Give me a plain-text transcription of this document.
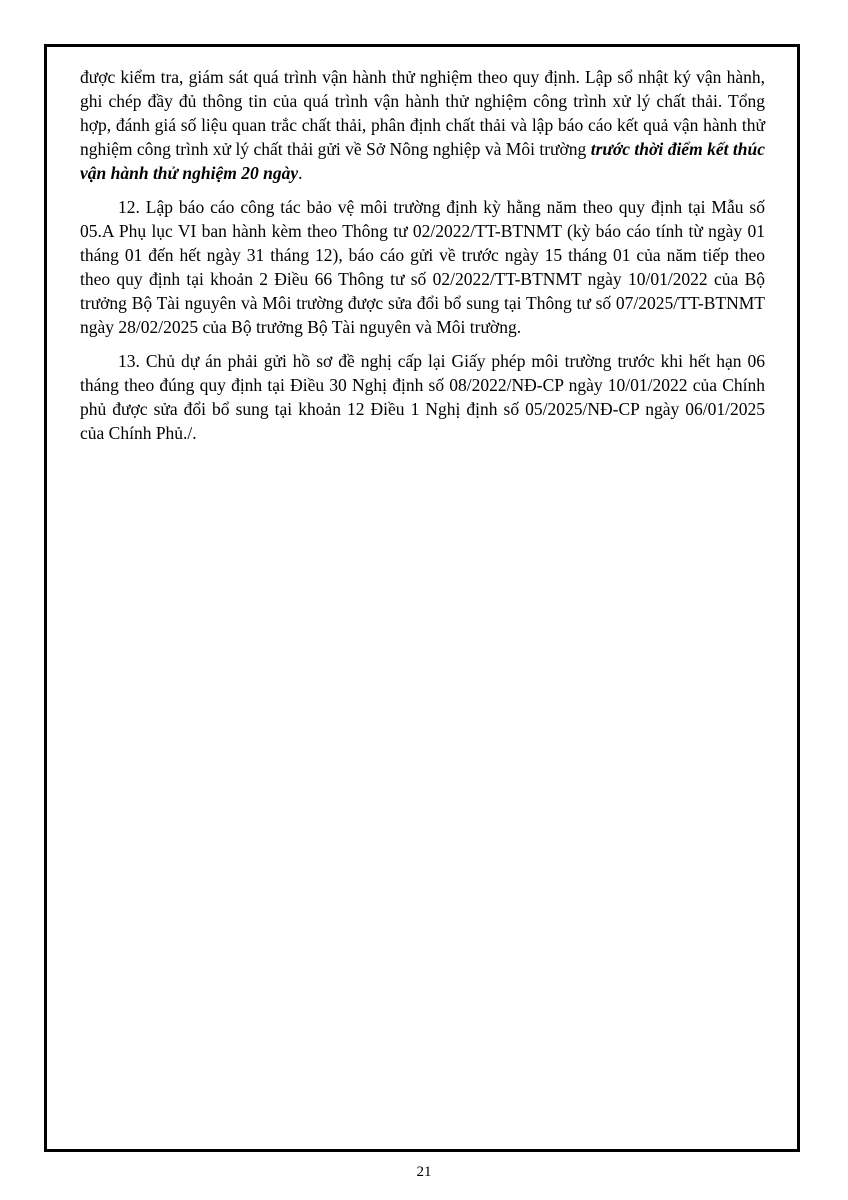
được kiểm tra, giám sát quá trình vận hành thử nghiệm theo quy định. Lập sổ nhật ký vận hành, ghi chép đầy đủ thông tin của quá trình vận hành thử nghiệm công trình xử lý chất thải. Tổng hợp, đánh giá số liệu quan trắc chất thải, phân định chất thải và lập báo cáo kết quả vận hành thử nghiệm công trình xử lý chất thải gửi về Sở Nông nghiệp và Môi trường trước thời điểm kết thúc vận hành thử nghiệm 20 ngày.

12. Lập báo cáo công tác bảo vệ môi trường định kỳ hằng năm theo quy định tại Mẫu số 05.A Phụ lục VI ban hành kèm theo Thông tư 02/2022/TT-BTNMT (kỳ báo cáo tính từ ngày 01 tháng 01 đến hết ngày 31 tháng 12), báo cáo gửi về trước ngày 15 tháng 01 của năm tiếp theo theo quy định tại khoản 2 Điều 66 Thông tư số 02/2022/TT-BTNMT ngày 10/01/2022 của Bộ trưởng Bộ Tài nguyên và Môi trường được sửa đổi bổ sung tại Thông tư số 07/2025/TT-BTNMT ngày 28/02/2025 của Bộ trưởng Bộ Tài nguyên và Môi trường.

13. Chủ dự án phải gửi hồ sơ đề nghị cấp lại Giấy phép môi trường trước khi hết hạn 06 tháng theo đúng quy định tại Điều 30 Nghị định số 08/2022/NĐ-CP ngày 10/01/2022 của Chính phủ được sửa đổi bổ sung tại khoản 12 Điều 1 Nghị định số 05/2025/NĐ-CP ngày 06/01/2025 của Chính Phủ./.

21
